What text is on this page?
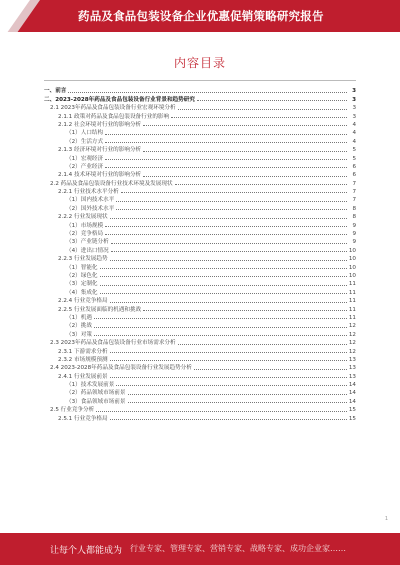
药品及食品包装设备企业优惠促销策略研究报告
内容目录
一、前言	3
二、2023-2028年药品及食品包装设备行业背景和趋势研究	3
2.1 2023年药品及食品包装设备行业宏观环境分析	3
2.1.1 政策对药品及食品包装设备行业的影响	3
2.1.2 社会环境对行业的影响分析	4
（1）人口结构	4
（2）生活方式	4
2.1.3 经济环境对行业的影响分析	5
（1）宏观经济	5
（2）产业经济	6
2.1.4 技术环境对行业的影响分析	6
2.2 药品及食品包装设备行业技术环境及发展现状	7
2.2.1 行业技术水平分析	7
（1）国内技术水平	7
（2）国外技术水平	8
2.2.2 行业发展现状	8
（1）市场规模	9
（2）竞争格局	9
（3）产业链分析	9
（4）进出口情况	10
2.2.3 行业发展趋势	10
（1）智能化	10
（2）绿色化	10
（3）定制化	11
（4）集成化	11
2.2.4 行业竞争格局	11
2.2.5 行业发展面临的机遇和挑战	11
（1）机遇	11
（2）挑战	12
（3）对策	12
2.3 2023年药品及食品包装设备行业市场需求分析	12
2.3.1 下游需求分析	12
2.3.2 市场规模预测	13
2.4 2023-2028年药品及食品包装设备行业发展趋势分析	13
2.4.1 行业发展前景	13
（1）技术发展前景	14
（2）药品领域市场前景	14
（3）食品领域市场前景	14
2.5 行业竞争分析	15
2.5.1 行业竞争格局	15
1
让每个人都能成为 行业专家、管理专家、营销专家、战略专家、成功企业家……
